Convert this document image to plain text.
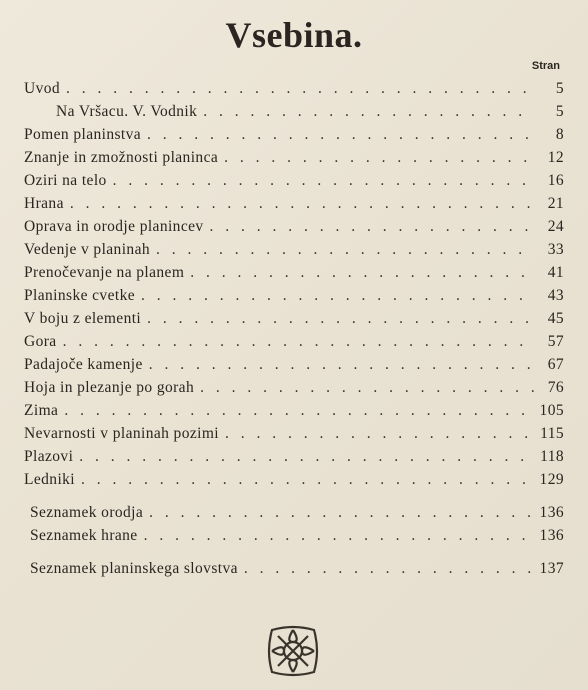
Vsebina.
Stran
Uvod . . .	5
Na Vršacu. V. Vodnik . . .	5
Pomen planinstva . . .	8
Znanje in zmožnosti planinca . . .	12
Oziri na telo . . .	16
Hrana . . .	21
Oprava in orodje planincev . . .	24
Vedenje v planinah . . .	33
Prenočevanje na planem . . .	41
Planinske cvetke . . .	43
V boju z elementi . . .	45
Gora . . .	57
Padajoče kamenje . . .	67
Hoja in plezanje po gorah . . .	76
Zima . . .	105
Nevarnosti v planinah pozimi . . .	115
Plazovi . . .	118
Ledniki . . .	129
Seznamek orodja . . .	136
Seznamek hrane . . .	136
Seznamek planinskega slovstva . . .	137
